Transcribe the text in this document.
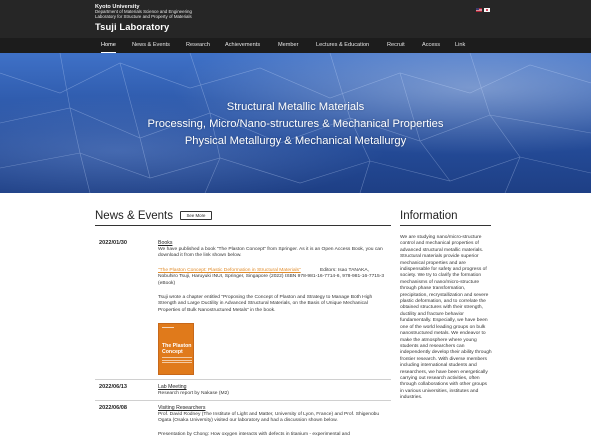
Kyoto University
Department of Materials Science and Engineering
Laboratory for Structure and Property of Materials
Tsuji Laboratory
Home	News & Events	Research	Achievements	Member	Lectures & Education	Recruit	Access	Link
Structural Metallic Materials
Processing, Micro/Nano-structures & Mechanical Properties
Physical Metallurgy & Mechanical Metallurgy
News & Events	See More
2022/01/30	Books
We have published a book “The Plaston Concept” from Springer. As it is an Open Access Book, you can download it from the link shown below.
“The Plaston Concept: Plastic Deformation in Structural Materials”	Editors: Isao TANAKA, Nobuhiro Tsuji, Haruyuki INUI, Springer, Singapore (2022) ISBN 978-981-16-7714-6, 978-981-16-7715-3 (eBook)
Tsuji wrote a chapter entitled “Proposing the Concept of Plaston and Strategy to Manage Both High Strength and Large Ductility in Advanced Structural Materials, on the Basis of Unique Mechanical Properties of Bulk Nanostructured Metals” in the book.
The Plaston Concept
2022/06/13	Lab Meeting
Research report by Nakase (M2)
2022/06/08	Visiting Researchers
Prof. David Rodney (The Institute of Light and Matter, University of Lyon, France) and Prof. Shigenobu Ogata (Osaka University) visited our laboratory and had a discussion shown below.
Presentation by Chong: How oxygen interacts with defects in titanium - experimental and
Information
We are studying nano/micro-structure control and mechanical properties of advanced structural metallic materials. Structural materials provide superior mechanical properties and are indispensable for safety and progress of society. We try to clarify the formation mechanisms of nano/micro-structure through phase transformation, precipitation, recrystallization and severe plastic deformation, and to correlate the obtained structures with their strength, ductility and fracture behavior fundamentally. Especially, we have been one of the world leading groups on bulk nanostructured metals. We endeavor to make the atmosphere where young students and researchers can independently develop their ability through frontier research. With diverse members including international students and researchers, we have been energetically carrying out research activities, often through collaborations with other groups in various universities, institutes and industries.
